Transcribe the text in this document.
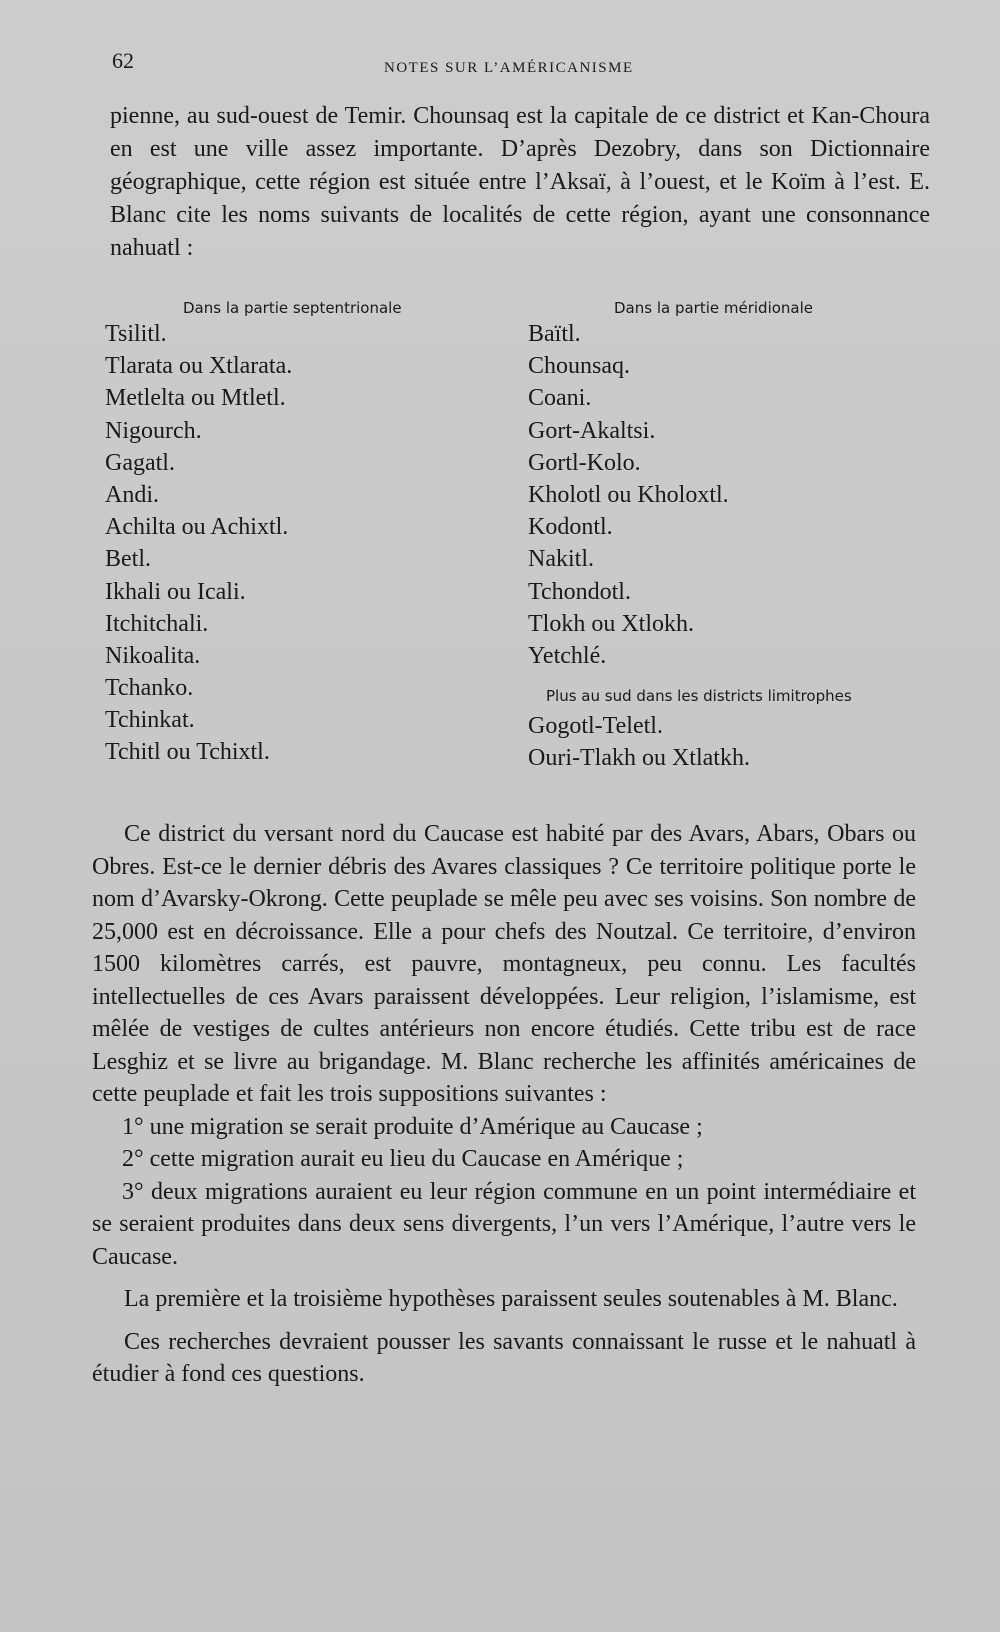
62	NOTES SUR L’AMÉRICANISME

pienne, au sud-ouest de Temir. Chounsaq est la capitale de ce district et Kan-Choura en est une ville assez importante. D’après Dezobry, dans son Dictionnaire géographique, cette région est située entre l’Aksaï, à l’ouest, et le Koïm à l’est. E. Blanc cite les noms suivants de localités de cette région, ayant une consonnance nahuatl :

Dans la partie septentrionale
Tsilitl.
Tlarata ou Xtlarata.
Metlelta ou Mtletl.
Nigourch.
Gagatl.
Andi.
Achilta ou Achixtl.
Betl.
Ikhali ou Icali.
Itchitchali.
Nikoalita.
Tchanko.
Tchinkat.
Tchitl ou Tchixtl.
Dans la partie méridionale
Baïtl.
Chounsaq.
Coani.
Gort-Akaltsi.
Gortl-Kolo.
Kholotl ou Kholoxtl.
Kodontl.
Nakitl.
Tchondotl.
Tlokh ou Xtlokh.
Yetchlé.
Plus au sud dans les districts limitrophes
Gogotl-Teletl.
Ouri-Tlakh ou Xtlatkh.

Ce district du versant nord du Caucase est habité par des Avars, Abars, Obars ou Obres. Est-ce le dernier débris des Avares classiques ? Ce territoire politique porte le nom d’Avarsky-Okrong. Cette peuplade se mêle peu avec ses voisins. Son nombre de 25,000 est en décroissance. Elle a pour chefs des Noutzal. Ce territoire, d’environ 1500 kilomètres carrés, est pauvre, montagneux, peu connu. Les facultés intellectuelles de ces Avars paraissent développées. Leur religion, l’islamisme, est mêlée de vestiges de cultes antérieurs non encore étudiés. Cette tribu est de race Lesghiz et se livre au brigandage. M. Blanc recherche les affinités américaines de cette peuplade et fait les trois suppositions suivantes :

1° une migration se serait produite d’Amérique au Caucase ;

2° cette migration aurait eu lieu du Caucase en Amérique ;

3° deux migrations auraient eu leur région commune en un point intermédiaire et se seraient produites dans deux sens divergents, l’un vers l’Amérique, l’autre vers le Caucase.

La première et la troisième hypothèses paraissent seules soutenables à M. Blanc.

Ces recherches devraient pousser les savants connaissant le russe et le nahuatl à étudier à fond ces questions.
